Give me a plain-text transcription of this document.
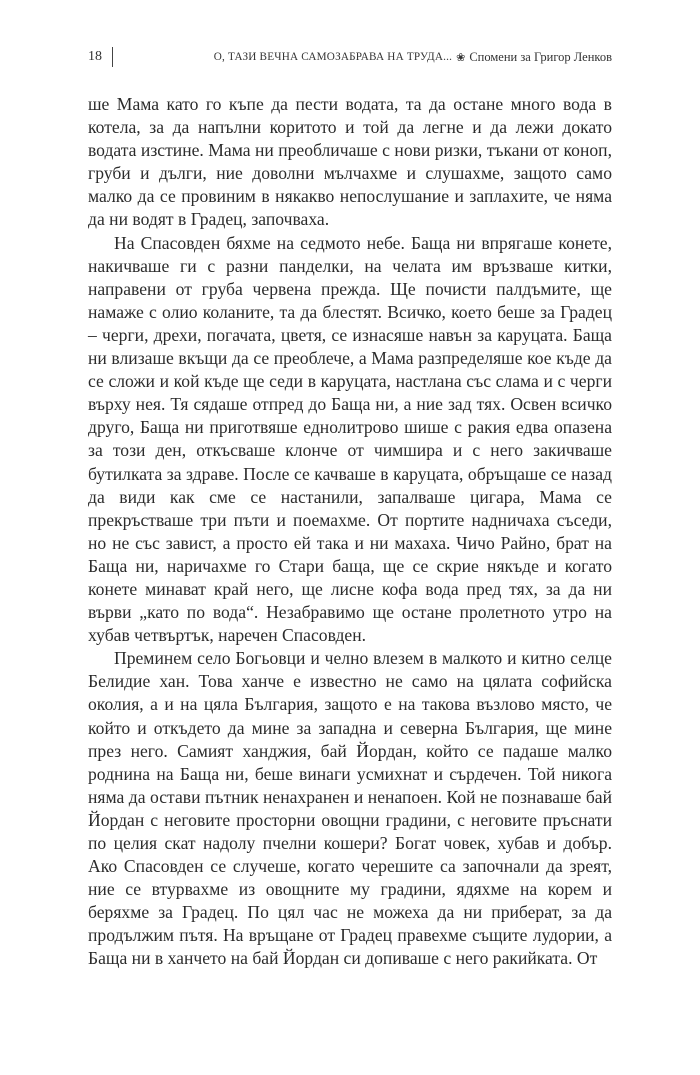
18	О, ТАЗИ ВЕЧНА САМОЗАБРАВА НА ТРУДА... ❀ Спомени за Григор Ленков

ше Мама като го къпе да пести водата, та да остане много вода в котела, за да напълни коритото и той да легне и да лежи докато водата изстине. Мама ни преобличаше с нови ризки, тъкани от коноп, груби и дълги, ние доволни мълчахме и слушахме, защото само малко да се провиним в някакво непослушание и заплахите, че няма да ни водят в Градец, започваха.

На Спасовден бяхме на седмото небе. Баща ни впрягаше конете, накичваше ги с разни панделки, на челата им връзваше китки, направени от груба червена прежда. Ще почисти палдъмите, ще намаже с олио коланите, та да блестят. Всичко, което беше за Градец – черги, дрехи, погачата, цветя, се изнасяше навън за каруцата. Баща ни влизаше вкъщи да се преоблече, а Мама разпределяше кое къде да се сложи и кой къде ще седи в каруцата, настлана със слама и с черги върху нея. Тя сядаше отпред до Баща ни, а ние зад тях. Освен всичко друго, Баща ни приготвяше еднолитрово шише с ракия едва опазена за този ден, откъсваше клонче от чимшира и с него закичваше бутилката за здраве. После се качваше в каруцата, обръщаше се назад да види как сме се настанили, запалваше цигара, Мама се прекръстваше три пъти и поемахме. От портите надничаха съседи, но не със завист, а просто ей така и ни махаха. Чичо Райно, брат на Баща ни, наричахме го Стари баща, ще се скрие някъде и когато конете минават край него, ще лисне кофа вода пред тях, за да ни върви „като по вода“. Незабравимо ще остане пролетното утро на хубав четвъртък, наречен Спасовден.

Преминем село Богьовци и челно влезем в малкото и китно селце Белидие хан. Това ханче е известно не само на цялата софийска околия, а и на цяла България, защото е на такова възлово място, че който и откъдето да мине за западна и северна България, ще мине през него. Самият ханджия, бай Йордан, който се падаше малко роднина на Баща ни, беше винаги усмихнат и сърдечен. Той никога няма да остави пътник ненахранен и ненапоен. Кой не познаваше бай Йордан с неговите просторни овощни градини, с неговите пръснати по целия скат надолу пчелни кошери? Богат човек, хубав и добър. Ако Спасовден се случеше, когато черешите са започнали да зреят, ние се втурвахме из овощните му градини, ядяхме на корем и беряхме за Градец. По цял час не можеха да ни приберат, за да продължим пътя. На връщане от Градец правехме същите лудории, а Баща ни в ханчето на бай Йордан си допиваше с него ракийката. От
